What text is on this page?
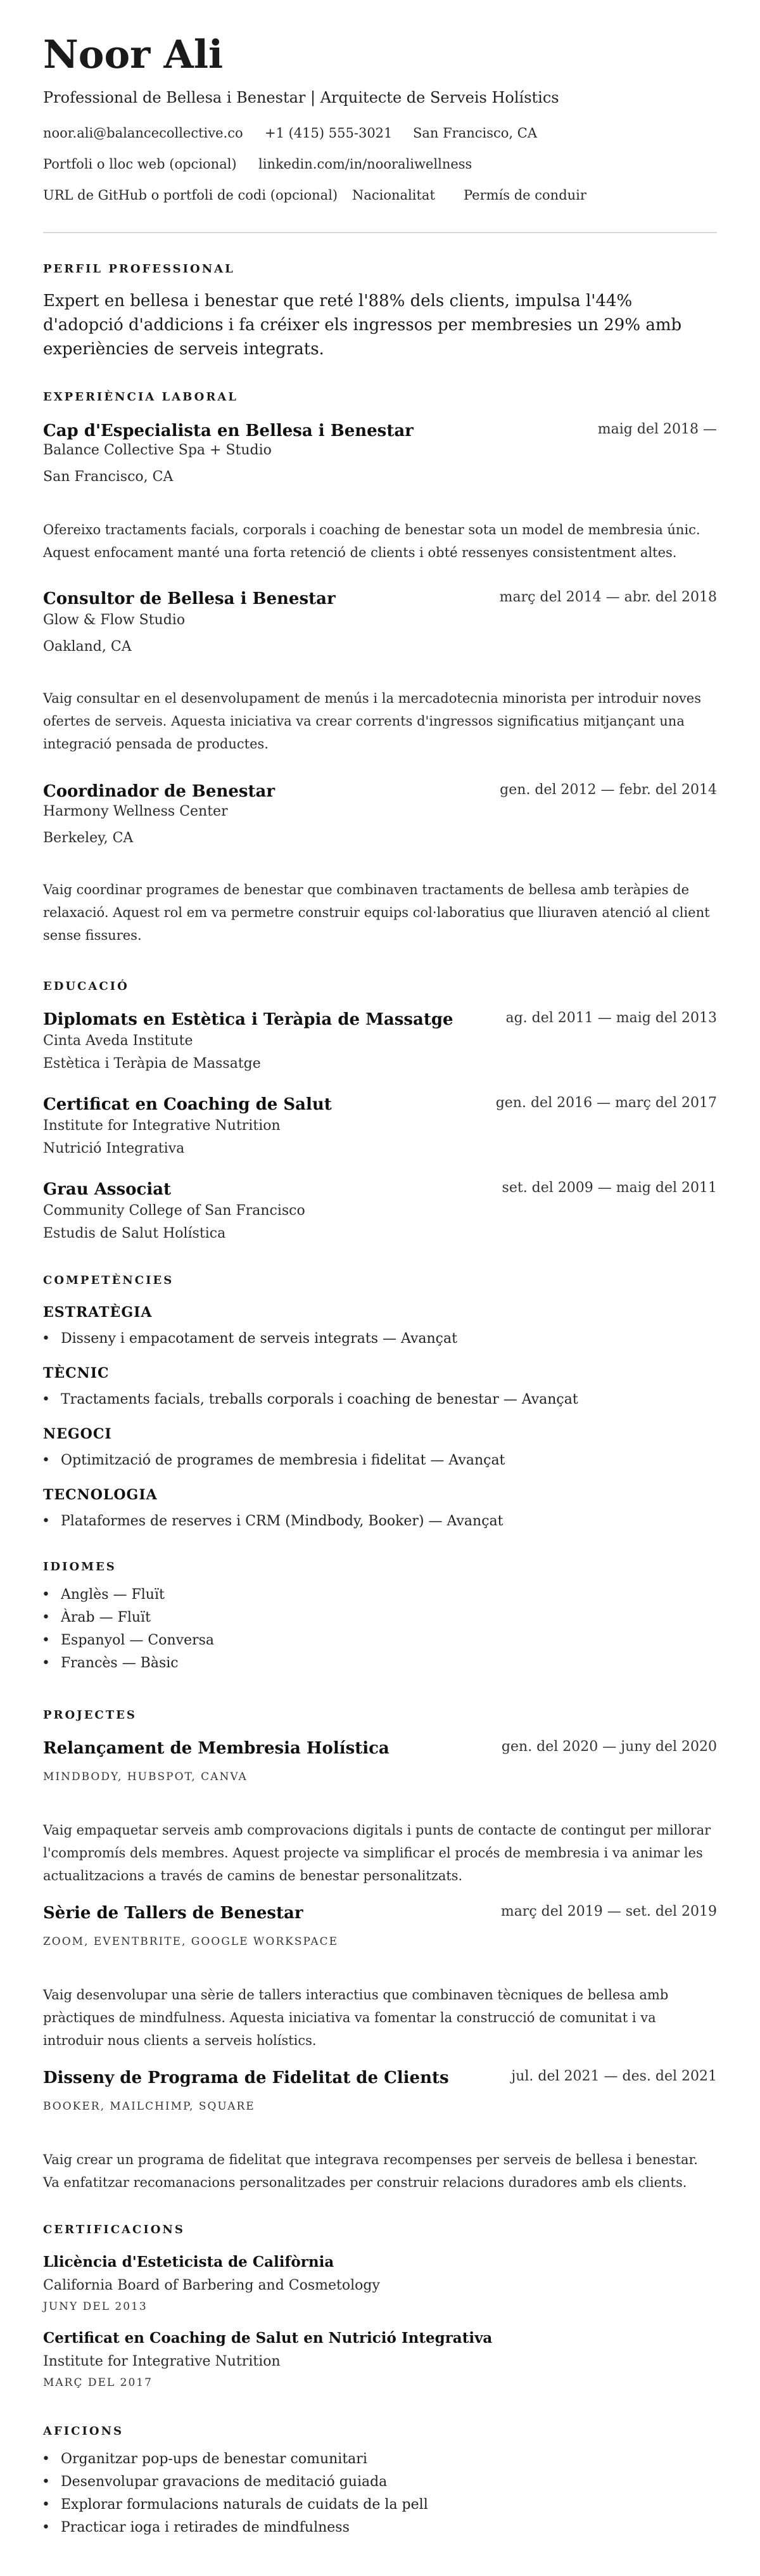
Noor Ali
Professional de Bellesa i Benestar | Arquitecte de Serveis Holístics
noor.ali@balancecollective.co +1 (415) 555-3021 San Francisco, CA
Portfoli o lloc web (opcional) linkedin.com/in/nooraliwellness
URL de GitHub o portfoli de codi (opcional) Nacionalitat Permís de conduir
PERFIL PROFESSIONAL
Expert en bellesa i benestar que reté l'88% dels clients, impulsa l'44% d'adopció d'addicions i fa créixer els ingressos per membresies un 29% amb experiències de serveis integrats.
EXPERIÈNCIA LABORAL
Cap d'Especialista en Bellesa i Benestar	maig del 2018 —
Balance Collective Spa + Studio
San Francisco, CA
Ofereixo tractaments facials, corporals i coaching de benestar sota un model de membresia únic. Aquest enfocament manté una forta retenció de clients i obté ressenyes consistentment altes.
Consultor de Bellesa i Benestar	març del 2014 — abr. del 2018
Glow & Flow Studio
Oakland, CA
Vaig consultar en el desenvolupament de menús i la mercadotecnia minorista per introduir noves ofertes de serveis. Aquesta iniciativa va crear corrents d'ingressos significatius mitjançant una integració pensada de productes.
Coordinador de Benestar	gen. del 2012 — febr. del 2014
Harmony Wellness Center
Berkeley, CA
Vaig coordinar programes de benestar que combinaven tractaments de bellesa amb teràpies de relaxació. Aquest rol em va permetre construir equips col·laboratius que lliuraven atenció al client sense fissures.
EDUCACIÓ
Diplomats en Estètica i Teràpia de Massatge	ag. del 2011 — maig del 2013
Cinta Aveda Institute
Estètica i Teràpia de Massatge
Certificat en Coaching de Salut	gen. del 2016 — març del 2017
Institute for Integrative Nutrition
Nutrició Integrativa
Grau Associat	set. del 2009 — maig del 2011
Community College of San Francisco
Estudis de Salut Holística
COMPETÈNCIES
ESTRATÈGIA
• Disseny i empacotament de serveis integrats — Avançat
TÈCNIC
• Tractaments facials, treballs corporals i coaching de benestar — Avançat
NEGOCI
• Optimització de programes de membresia i fidelitat — Avançat
TECNOLOGIA
• Plataformes de reserves i CRM (Mindbody, Booker) — Avançat
IDIOMES
• Anglès — Fluït
• Àrab — Fluït
• Espanyol — Conversa
• Francès — Bàsic
PROJECTES
Relançament de Membresia Holística	gen. del 2020 — juny del 2020
MINDBODY, HUBSPOT, CANVA
Vaig empaquetar serveis amb comprovacions digitals i punts de contacte de contingut per millorar l'compromís dels membres. Aquest projecte va simplificar el procés de membresia i va animar les actualitzacions a través de camins de benestar personalitzats.
Sèrie de Tallers de Benestar	març del 2019 — set. del 2019
ZOOM, EVENTBRITE, GOOGLE WORKSPACE
Vaig desenvolupar una sèrie de tallers interactius que combinaven tècniques de bellesa amb pràctiques de mindfulness. Aquesta iniciativa va fomentar la construcció de comunitat i va introduir nous clients a serveis holístics.
Disseny de Programa de Fidelitat de Clients	jul. del 2021 — des. del 2021
BOOKER, MAILCHIMP, SQUARE
Vaig crear un programa de fidelitat que integrava recompenses per serveis de bellesa i benestar. Va enfatitzar recomanacions personalitzades per construir relacions duradores amb els clients.
CERTIFICACIONS
Llicència d'Esteticista de Califòrnia
California Board of Barbering and Cosmetology
JUNY DEL 2013
Certificat en Coaching de Salut en Nutrició Integrativa
Institute for Integrative Nutrition
MARÇ DEL 2017
AFICIONS
• Organitzar pop-ups de benestar comunitari
• Desenvolupar gravacions de meditació guiada
• Explorar formulacions naturals de cuidats de la pell
• Practicar ioga i retirades de mindfulness
